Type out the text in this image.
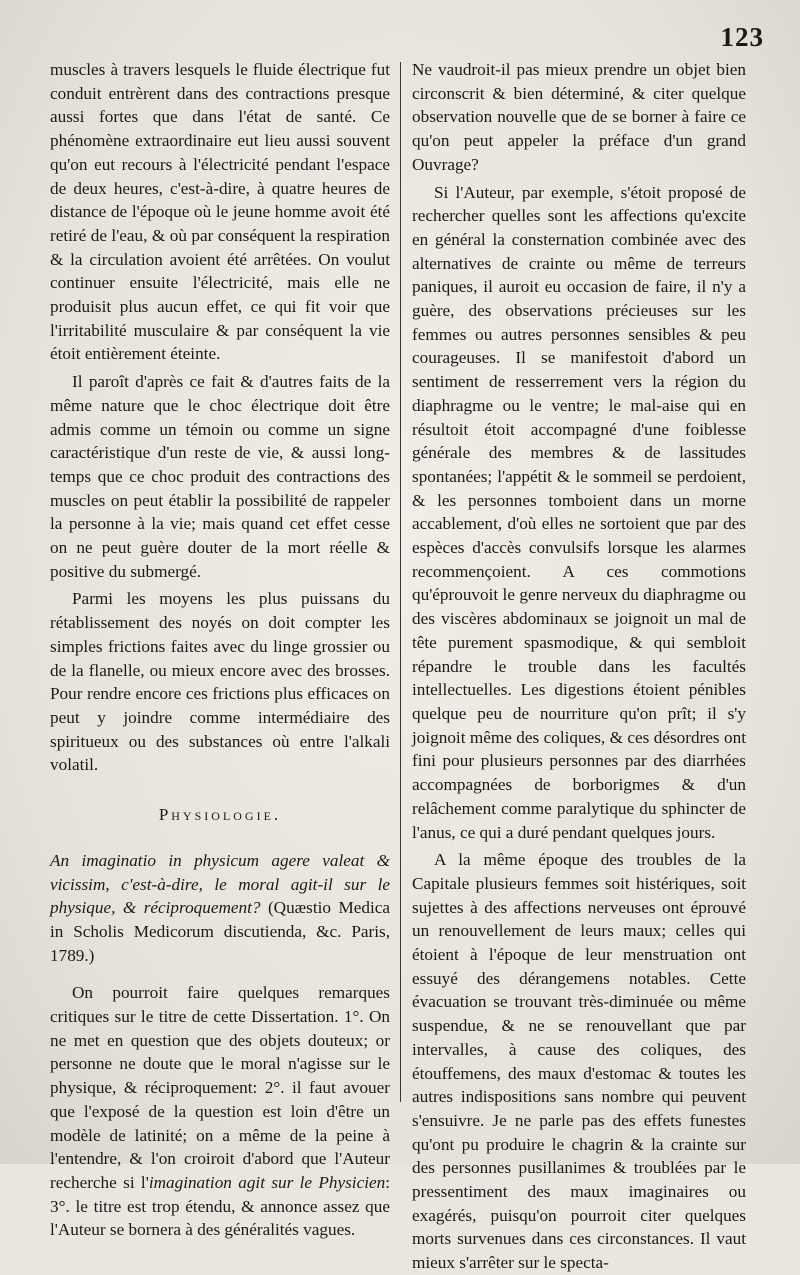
123

muscles à travers lesquels le fluide électrique fut conduit entrèrent dans des contractions presque aussi fortes que dans l'état de santé. Ce phénomène extraordinaire eut lieu aussi souvent qu'on eut recours à l'électricité pendant l'espace de deux heures, c'est-à-dire, à quatre heures de distance de l'époque où le jeune homme avoit été retiré de l'eau, & où par conséquent la respiration & la circulation avoient été arrêtées. On voulut continuer ensuite l'électricité, mais elle ne produisit plus aucun effet, ce qui fit voir que l'irritabilité musculaire & par conséquent la vie étoit entièrement éteinte.

Il paroît d'après ce fait & d'autres faits de la même nature que le choc électrique doit être admis comme un témoin ou comme un signe caractéristique d'un reste de vie, & aussi long-temps que ce choc produit des contractions des muscles on peut établir la possibilité de rappeler la personne à la vie; mais quand cet effet cesse on ne peut guère douter de la mort réelle & positive du submergé.

Parmi les moyens les plus puissans du rétablissement des noyés on doit compter les simples frictions faites avec du linge grossier ou de la flanelle, ou mieux encore avec des brosses. Pour rendre encore ces frictions plus efficaces on peut y joindre comme intermédiaire des spiritueux ou des substances où entre l'alkali volatil.

Physiologie.

An imaginatio in physicum agere valeat & vicissim, c'est-à-dire, le moral agit-il sur le physique, & réciproquement? (Quæstio Medica in Scholis Medicorum discutienda, &c. Paris, 1789.)

On pourroit faire quelques remarques critiques sur le titre de cette Dissertation. 1°. On ne met en question que des objets douteux; or personne ne doute que le moral n'agisse sur le physique, & réciproquement: 2°. il faut avouer que l'exposé de la question est loin d'être un modèle de latinité; on a même de la peine à l'entendre, & l'on croiroit d'abord que l'Auteur recherche si l'imagination agit sur le Physicien: 3°. le titre est trop étendu, & annonce assez que l'Auteur se bornera à des généralités vagues.

Ne vaudroit-il pas mieux prendre un objet bien circonscrit & bien déterminé, & citer quelque observation nouvelle que de se borner à faire ce qu'on peut appeler la préface d'un grand Ouvrage?

Si l'Auteur, par exemple, s'étoit proposé de rechercher quelles sont les affections qu'excite en général la consternation combinée avec des alternatives de crainte ou même de terreurs paniques, il auroit eu occasion de faire, il n'y a guère, des observations précieuses sur les femmes ou autres personnes sensibles & peu courageuses. Il se manifestoit d'abord un sentiment de resserrement vers la région du diaphragme ou le ventre; le mal-aise qui en résultoit étoit accompagné d'une foiblesse générale des membres & de lassitudes spontanées; l'appétit & le sommeil se perdoient, & les personnes tomboient dans un morne accablement, d'où elles ne sortoient que par des espèces d'accès convulsifs lorsque les alarmes recommençoient. A ces commotions qu'éprouvoit le genre nerveux du diaphragme ou des viscères abdominaux se joignoit un mal de tête purement spasmodique, & qui sembloit répandre le trouble dans les facultés intellectuelles. Les digestions étoient pénibles quelque peu de nourriture qu'on prît; il s'y joignoit même des coliques, & ces désordres ont fini pour plusieurs personnes par des diarrhées accompagnées de borborigmes & d'un relâchement comme paralytique du sphincter de l'anus, ce qui a duré pendant quelques jours.

A la même époque des troubles de la Capitale plusieurs femmes soit histériques, soit sujettes à des affections nerveuses ont éprouvé un renouvellement de leurs maux; celles qui étoient à l'époque de leur menstruation ont essuyé des dérangemens notables. Cette évacuation se trouvant très-diminuée ou même suspendue, & ne se renouvellant que par intervalles, à cause des coliques, des étouffemens, des maux d'estomac & toutes les autres indispositions sans nombre qui peuvent s'ensuivre. Je ne parle pas des effets funestes qu'ont pu produire le chagrin & la crainte sur des personnes pusillanimes & troublées par le pressentiment des maux imaginaires ou exagérés, puisqu'on pourroit citer quelques morts survenues dans ces circonstances. Il vaut mieux s'arrêter sur le specta-
